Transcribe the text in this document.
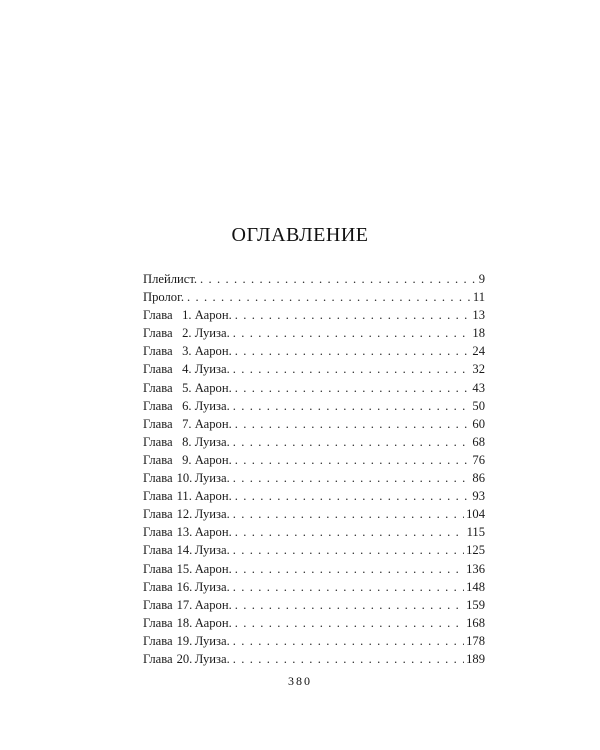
ОГЛАВЛЕНИЕ
Плейлист. . . .	9
Пролог. . . .	11
Глава 1. Аарон. . . .	13
Глава 2. Луиза. . . .	18
Глава 3. Аарон. . . .	24
Глава 4. Луиза. . . .	32
Глава 5. Аарон. . . .	43
Глава 6. Луиза. . . .	50
Глава 7. Аарон. . . .	60
Глава 8. Луиза. . . .	68
Глава 9. Аарон. . . .	76
Глава 10. Луиза. . . .	86
Глава 11. Аарон. . . .	93
Глава 12. Луиза. . . .	104
Глава 13. Аарон. . . .	115
Глава 14. Луиза. . . .	125
Глава 15. Аарон. . . .	136
Глава 16. Луиза. . . .	148
Глава 17. Аарон. . . .	159
Глава 18. Аарон. . . .	168
Глава 19. Луиза. . . .	178
Глава 20. Луиза. . . .	189
380
